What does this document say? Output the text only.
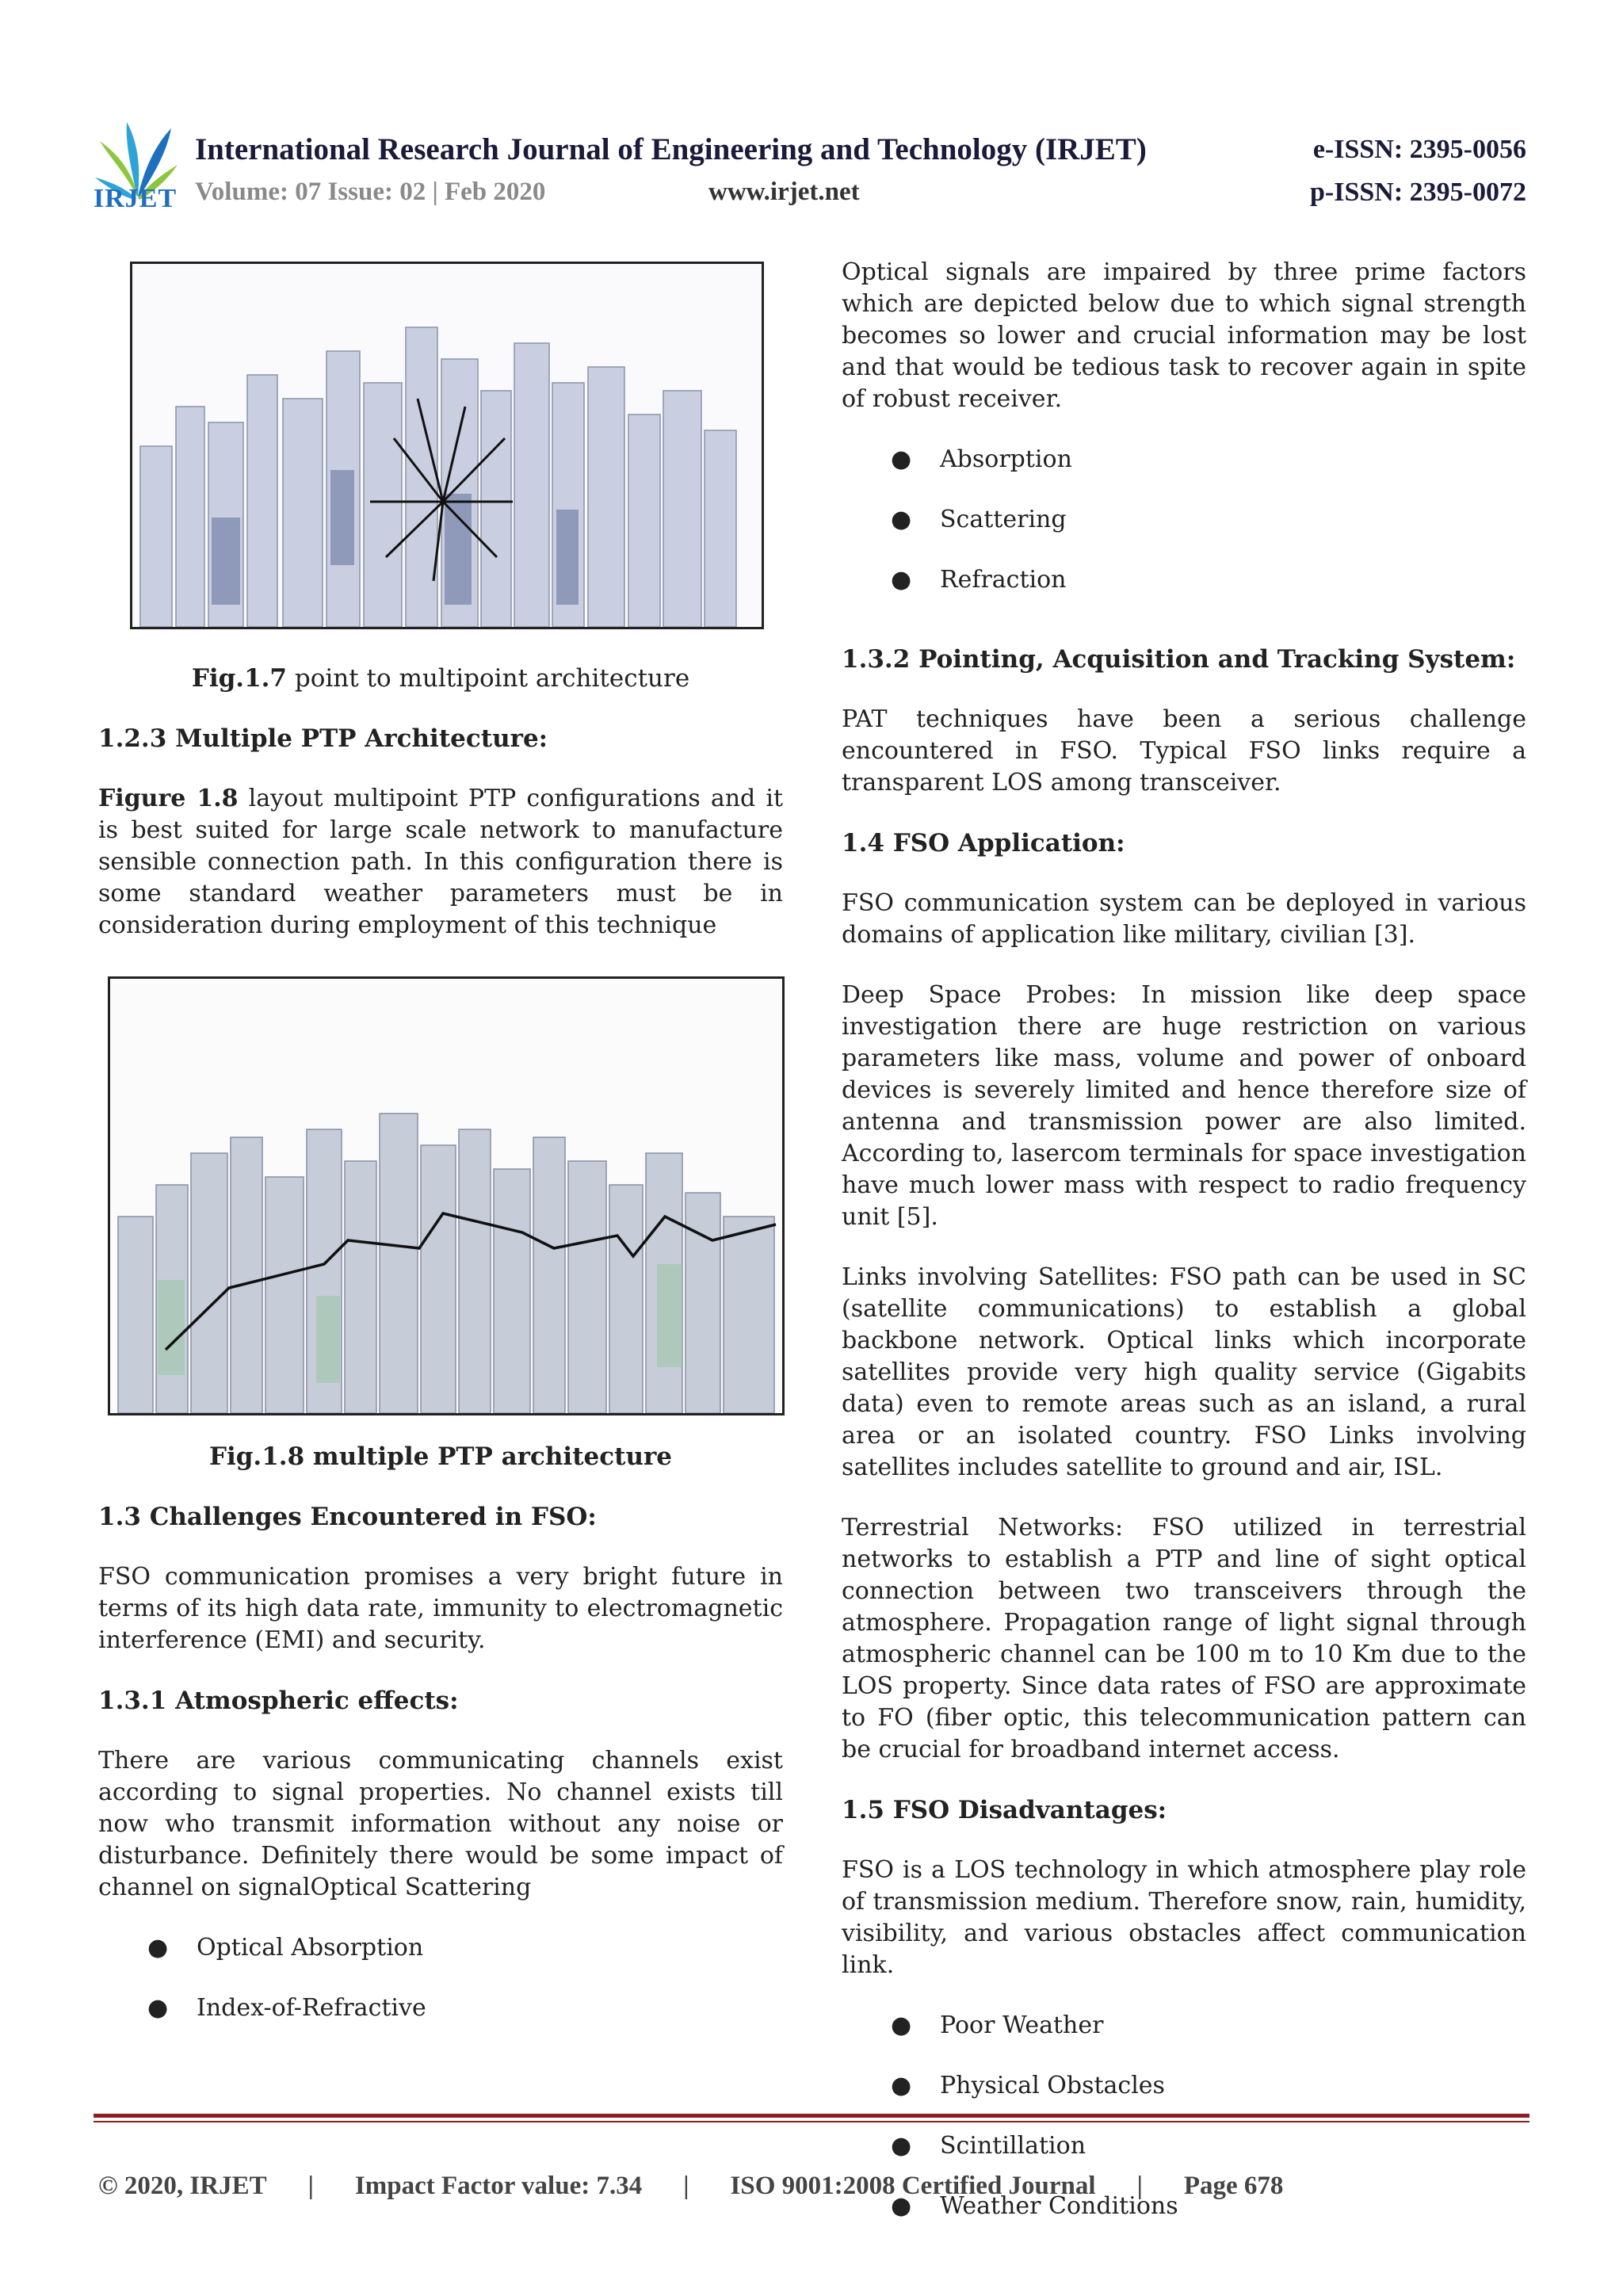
IRJET
International Research Journal of Engineering and Technology (IRJET)	e-ISSN: 2395-0056
Volume: 07 Issue: 02 | Feb 2020	www.irjet.net	p-ISSN: 2395-0072

Fig.1.7 point to multipoint architecture

1.2.3 Multiple PTP Architecture:

Figure 1.8 layout multipoint PTP configurations and it is best suited for large scale network to manufacture sensible connection path. In this configuration there is some standard weather parameters must be in consideration during employment of this technique

Fig.1.8 multiple PTP architecture

1.3 Challenges Encountered in FSO:

FSO communication promises a very bright future in terms of its high data rate, immunity to electromagnetic interference (EMI) and security.

1.3.1 Atmospheric effects:

There are various communicating channels exist according to signal properties. No channel exists till now who transmit information without any noise or disturbance. Definitely there would be some impact of channel on signalOptical Scattering

● Optical Absorption
● Index-of-Refractive

Optical signals are impaired by three prime factors which are depicted below due to which signal strength becomes so lower and crucial information may be lost and that would be tedious task to recover again in spite of robust receiver.

● Absorption
● Scattering
● Refraction

1.3.2 Pointing, Acquisition and Tracking System:

PAT techniques have been a serious challenge encountered in FSO. Typical FSO links require a transparent LOS among transceiver.

1.4 FSO Application:

FSO communication system can be deployed in various domains of application like military, civilian [3].

Deep Space Probes: In mission like deep space investigation there are huge restriction on various parameters like mass, volume and power of onboard devices is severely limited and hence therefore size of antenna and transmission power are also limited. According to, lasercom terminals for space investigation have much lower mass with respect to radio frequency unit [5].

Links involving Satellites: FSO path can be used in SC (satellite communications) to establish a global backbone network. Optical links which incorporate satellites provide very high quality service (Gigabits data) even to remote areas such as an island, a rural area or an isolated country. FSO Links involving satellites includes satellite to ground and air, ISL.

Terrestrial Networks: FSO utilized in terrestrial networks to establish a PTP and line of sight optical connection between two transceivers through the atmosphere. Propagation range of light signal through atmospheric channel can be 100 m to 10 Km due to the LOS property. Since data rates of FSO are approximate to FO (fiber optic, this telecommunication pattern can be crucial for broadband internet access.

1.5 FSO Disadvantages:

FSO is a LOS technology in which atmosphere play role of transmission medium. Therefore snow, rain, humidity, visibility, and various obstacles affect communication link.

● Poor Weather
● Physical Obstacles
● Scintillation
● Weather Conditions
© 2020, IRJET | Impact Factor value: 7.34 | ISO 9001:2008 Certified Journal | Page 678
